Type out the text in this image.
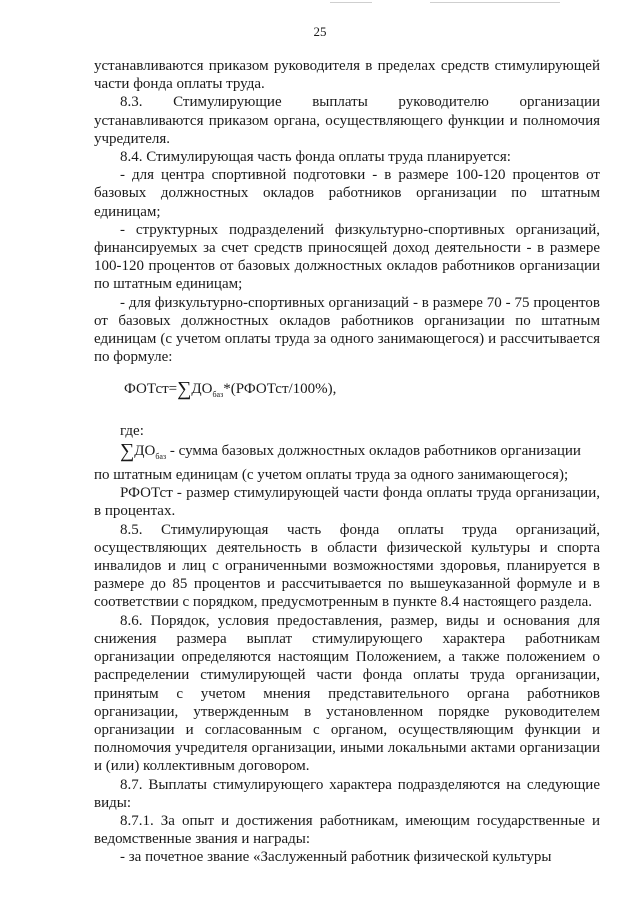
25

устанавливаются приказом руководителя в пределах средств стимулирующей части фонда оплаты труда.

8.3. Стимулирующие выплаты руководителю организации устанавливаются приказом органа, осуществляющего функции и полномочия учредителя.

8.4. Стимулирующая часть фонда оплаты труда планируется:

- для центра спортивной подготовки - в размере 100-120 процентов от базовых должностных окладов работников организации по штатным единицам;

- структурных подразделений физкультурно-спортивных организаций, финансируемых за счет средств приносящей доход деятельности - в размере 100-120 процентов от базовых должностных окладов работников организации по штатным единицам;

- для физкультурно-спортивных организаций - в размере 70 - 75 процентов от базовых должностных окладов работников организации по штатным единицам (с учетом оплаты труда за одного занимающегося) и рассчитывается по формуле:

$ФОТст=\sum ДО_{баз}*(РФОТст/100\%)$,

где:

$\sum ДО_{баз}$ - сумма базовых должностных окладов работников организации

по штатным единицам (с учетом оплаты труда за одного занимающегося);

РФОТст - размер стимулирующей части фонда оплаты труда организации, в процентах.

8.5. Стимулирующая часть фонда оплаты труда организаций, осуществляющих деятельность в области физической культуры и спорта инвалидов и лиц с ограниченными возможностями здоровья, планируется в размере до 85 процентов и рассчитывается по вышеуказанной формуле и в соответствии с порядком, предусмотренным в пункте 8.4 настоящего раздела.

8.6. Порядок, условия предоставления, размер, виды и основания для снижения размера выплат стимулирующего характера работникам организации определяются настоящим Положением, а также положением о распределении стимулирующей части фонда оплаты труда организации, принятым с учетом мнения представительного органа работников организации, утвержденным в установленном порядке руководителем организации и согласованным с органом, осуществляющим функции и полномочия учредителя организации, иными локальными актами организации и (или) коллективным договором.

8.7. Выплаты стимулирующего характера подразделяются на следующие виды:

8.7.1. За опыт и достижения работникам, имеющим государственные и ведомственные звания и награды:

- за почетное звание «Заслуженный работник физической культуры
